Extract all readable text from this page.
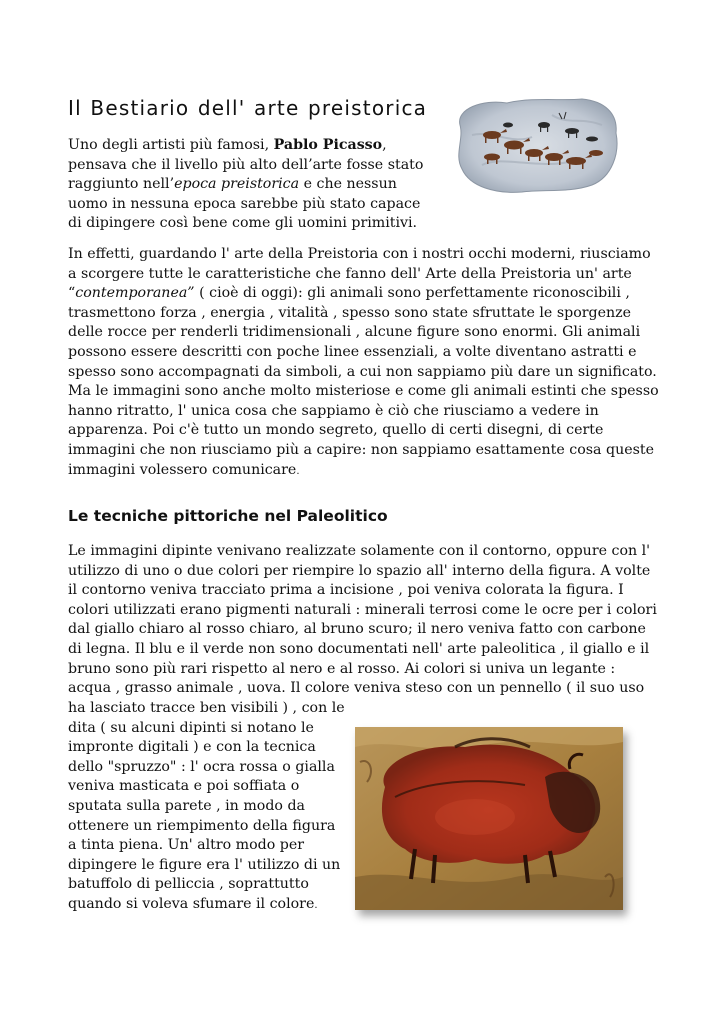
Il Bestiario dell' arte preistorica

Uno degli artisti più famosi, Pablo Picasso, pensava che il livello più alto dell’arte fosse stato raggiunto nell’epoca preistorica e che nessun uomo in nessuna epoca sarebbe più stato capace di dipingere così bene come gli uomini primitivi.

In effetti, guardando l' arte della Preistoria con i nostri occhi moderni, riusciamo a scorgere tutte le caratteristiche che fanno dell' Arte della Preistoria un' arte “contemporanea” ( cioè di oggi): gli animali sono perfettamente riconoscibili , trasmettono forza , energia , vitalità , spesso sono state sfruttate le sporgenze delle rocce per renderli tridimensionali , alcune figure sono enormi. Gli animali possono essere descritti con poche linee essenziali, a volte diventano astratti e spesso sono accompagnati da simboli, a cui non sappiamo più dare un significato. Ma le immagini sono anche molto misteriose e come gli animali estinti che spesso hanno ritratto, l' unica cosa che sappiamo è ciò che riusciamo a vedere in apparenza. Poi c'è tutto un mondo segreto, quello di certi disegni, di certe immagini che non riusciamo più a capire: non sappiamo esattamente cosa queste immagini volessero comunicare.

Le tecniche pittoriche nel Paleolitico

Le immagini dipinte venivano realizzate solamente con il contorno, oppure con l' utilizzo di uno o due colori per riempire lo spazio all' interno della figura. A volte il contorno veniva tracciato prima a incisione , poi veniva colorata la figura. I colori utilizzati erano pigmenti naturali : minerali terrosi come le ocre per i colori dal giallo chiaro al rosso chiaro, al bruno scuro; il nero veniva fatto con carbone di legna. Il blu e il verde non sono documentati nell' arte paleolitica , il giallo e il bruno sono più rari rispetto al nero e al rosso. Ai colori si univa un legante : acqua , grasso animale , uova. Il colore veniva steso con un pennello ( il suo uso

ha lasciato tracce ben visibili ) , con le dita ( su alcuni dipinti si notano le impronte digitali ) e con la tecnica dello "spruzzo" : l' ocra rossa o gialla veniva masticata e poi soffiata o sputata sulla parete , in modo da ottenere un riempimento della figura a tinta piena. Un' altro modo per dipingere le figure era l' utilizzo di un batuffolo di pelliccia , soprattutto quando si voleva sfumare il colore.
